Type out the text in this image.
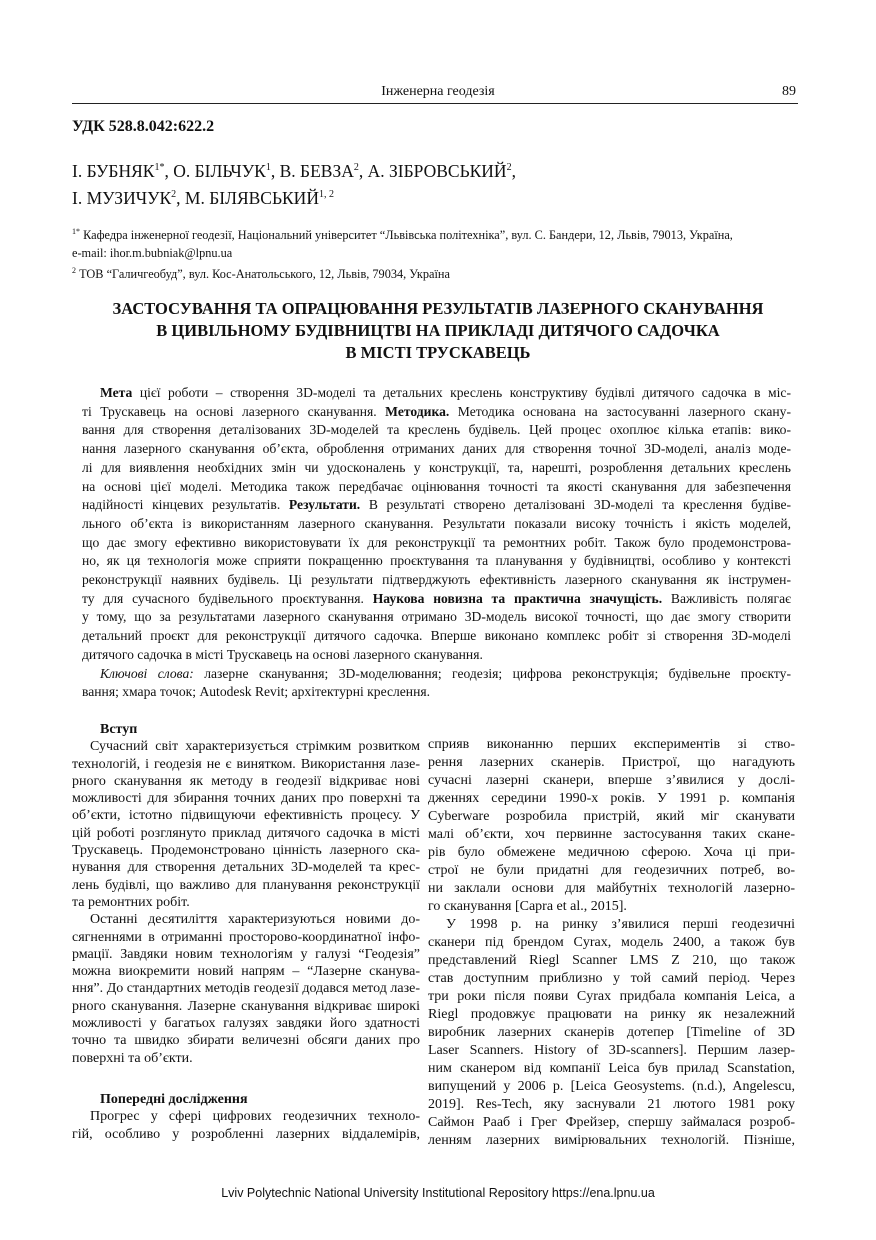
Інженерна геодезія	89
УДК 528.8.042:622.2
І. $БУБНЯК^{1*}$, О. БІЛЬЧУК$^1$, В. БЕВЗА$^2$, А. ЗІБРОВСЬКИЙ$^2$,
І. МУЗИЧУК$^2$, М. БІЛЯВСЬКИЙ$^{1, 2}$
$^{1*}$ Кафедра інженерної геодезії, Національний університет “Львівська політехніка”, вул. С. Бандери, 12, Львів, 79013, Україна,
e-mail: ihor.m.bubniak@lpnu.ua
$^2$ ТОВ “Галичгеобуд”, вул. Кос-Анатольського, 12, Львів, 79034, Україна
ЗАСТОСУВАННЯ ТА ОПРАЦЮВАННЯ РЕЗУЛЬТАТІВ ЛАЗЕРНОГО СКАНУВАННЯ
В ЦИВІЛЬНОМУ БУДІВНИЦТВІ НА ПРИКЛАДІ ДИТЯЧОГО САДОЧКА
В МІСТІ ТРУСКАВЕЦЬ
Мета цієї роботи – створення 3D-моделі та детальних креслень конструктиву будівлі дитячого садочка в міс-
ті Трускавець на основі лазерного сканування. Методика. Методика основана на застосуванні лазерного скану-
вання для створення деталізованих 3D-моделей та креслень будівель. Цей процес охоплює кілька етапів: вико-
нання лазерного сканування об’єкта, оброблення отриманих даних для створення точної 3D-моделі, аналіз моде-
лі для виявлення необхідних змін чи удосконалень у конструкції, та, нарешті, розроблення детальних креслень
на основі цієї моделі. Методика також передбачає оцінювання точності та якості сканування для забезпечення
надійності кінцевих результатів. Результати. В результаті створено деталізовані 3D-моделі та креслення будіве-
льного об’єкта із використанням лазерного сканування. Результати показали високу точність і якість моделей,
що дає змогу ефективно використовувати їх для реконструкції та ремонтних робіт. Також було продемонстрова-
но, як ця технологія може сприяти покращенню проєктування та планування у будівництві, особливо у контексті
реконструкції наявних будівель. Ці результати підтверджують ефективність лазерного сканування як інструмен-
ту для сучасного будівельного проєктування. Наукова новизна та практична значущість. Важливість полягає
у тому, що за результатами лазерного сканування отримано 3D-модель високої точності, що дає змогу створити
детальний проєкт для реконструкції дитячого садочка. Вперше виконано комплекс робіт зі створення 3D-моделі
дитячого садочка в місті Трускавець на основі лазерного сканування.
Ключові слова: лазерне сканування; 3D-моделювання; геодезія; цифрова реконструкція; будівельне проєкту-
вання; хмара точок; Autodesk Revit; архітектурні креслення.
Вступ
Сучасний світ характеризується стрімким розвитком
технологій, і геодезія не є винятком. Використання лазе-
рного сканування як методу в геодезії відкриває нові
можливості для збирання точних даних про поверхні та
об’єкти, істотно підвищуючи ефективність процесу. У
цій роботі розглянуто приклад дитячого садочка в місті
Трускавець. Продемонстровано цінність лазерного ска-
нування для створення детальних 3D-моделей та крес-
лень будівлі, що важливо для планування реконструкції
та ремонтних робіт.
Останні десятиліття характеризуються новими до-
сягненнями в отриманні просторово-координатної інфо-
рмації. Завдяки новим технологіям у галузі “Геодезія”
можна виокремити новий напрям – “Лазерне сканува-
ння”. До стандартних методів геодезії додався метод лазе-
рного сканування. Лазерне сканування відкриває широкі
можливості у багатьох галузях завдяки його здатності
точно та швидко збирати величезні обсяги даних про
поверхні та об’єкти.
Попередні дослідження
Прогрес у сфері цифрових геодезичних техноло-
гій, особливо у розробленні лазерних віддалемірів,
сприяв виконанню перших експериментів зі ство-
рення лазерних сканерів. Пристрої, що нагадують
сучасні лазерні сканери, вперше з’явилися у дослі-
дженнях середини 1990-х років. У 1991 р. компанія
Cyberware розробила пристрій, який міг сканувати
малі об’єкти, хоч первинне застосування таких скане-
рів було обмежене медичною сферою. Хоча ці при-
строї не були придатні для геодезичних потреб, во-
ни заклали основи для майбутніх технологій лазерно-
го сканування [Capra et al., 2015].
У 1998 р. на ринку з’явилися перші геодезичні
сканери під брендом Cyrax, модель 2400, а також був
представлений Riegl Scanner LMS Z 210, що також
став доступним приблизно у той самий період. Через
три роки після появи Cyrax придбала компанія Leica, а
Riegl продовжує працювати на ринку як незалежний
виробник лазерних сканерів дотепер [Timeline of 3D
Laser Scanners. History of 3D-scanners]. Першим лазер-
ним сканером від компанії Leica був прилад Scanstation,
випущений у 2006 р. [Leica Geosystems. (n.d.), Angelescu,
2019]. Res-Tech, яку заснували 21 лютого 1981 року
Саймон Рааб і Грег Фрейзер, спершу займалася розроб-
ленням лазерних вимірювальних технологій. Пізніше,
Lviv Polytechnic National University Institutional Repository https://ena.lpnu.ua
